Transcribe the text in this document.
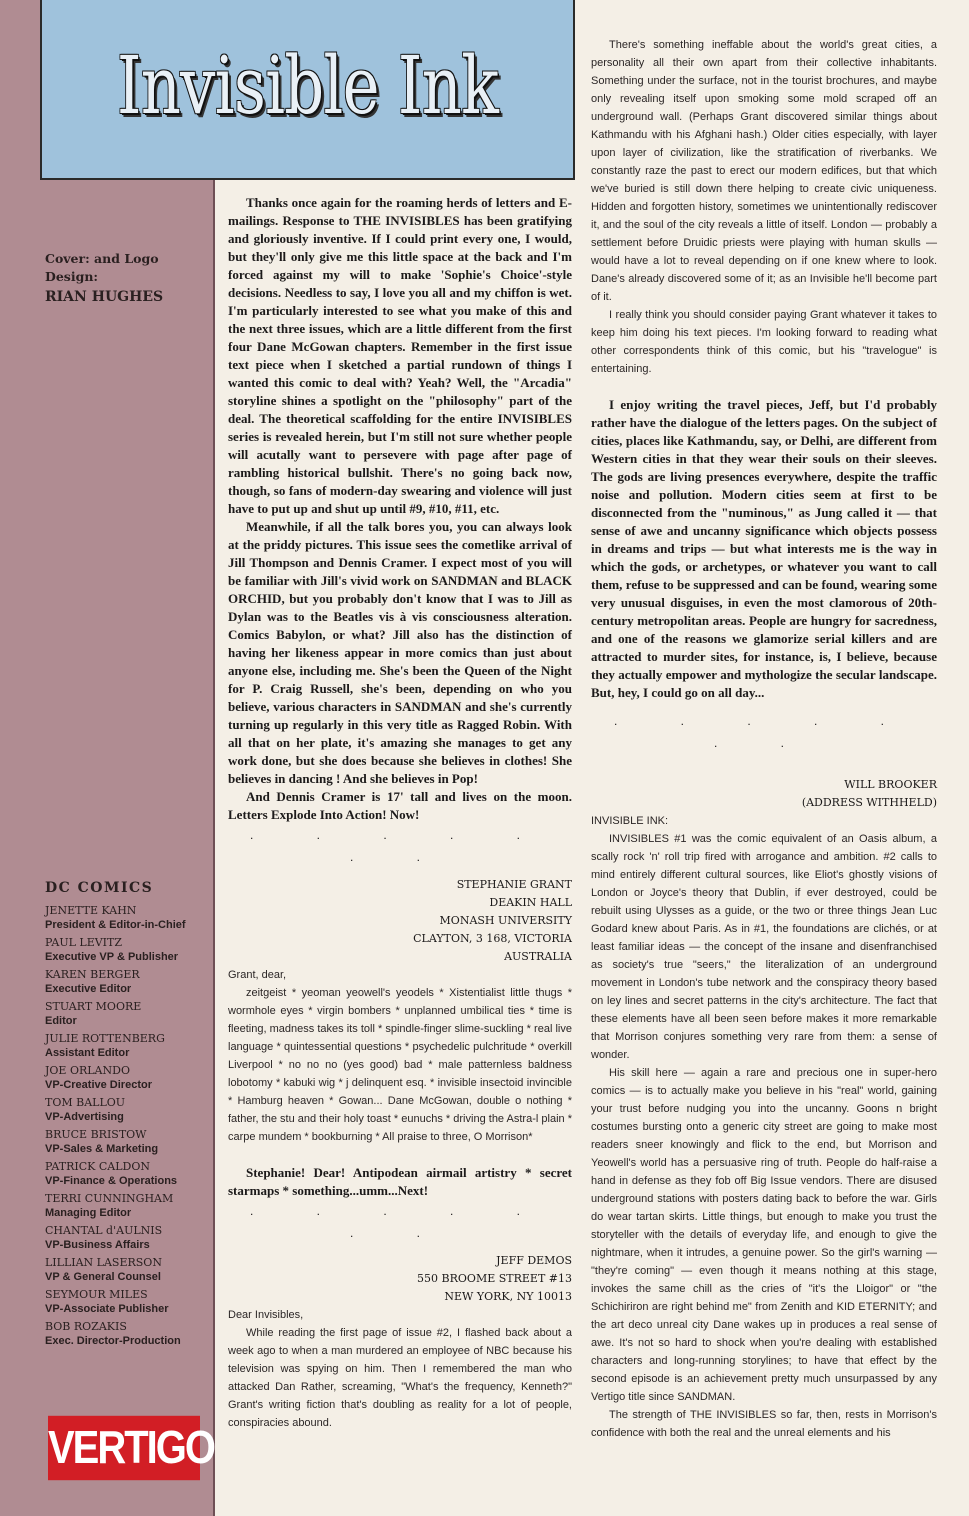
Cover: and Logo
Design:
RIAN HUGHES
DC COMICS
JENETTE KAHN
President & Editor-in-Chief
PAUL LEVITZ
Executive VP & Publisher
KAREN BERGER
Executive Editor
STUART MOORE
Editor
JULIE ROTTENBERG
Assistant Editor
JOE ORLANDO
VP-Creative Director
TOM BALLOU
VP-Advertising
BRUCE BRISTOW
VP-Sales & Marketing
PATRICK CALDON
VP-Finance & Operations
TERRI CUNNINGHAM
Managing Editor
CHANTAL d'AULNIS
VP-Business Affairs
LILLIAN LASERSON
VP & General Counsel
SEYMOUR MILES
VP-Associate Publisher
BOB ROZAKIS
Exec. Director-Production
VERTIGO
Invisible Ink

Thanks once again for the roaming herds of letters and E-mailings. Response to THE INVISIBLES has been gratifying and gloriously inventive. If I could print every one, I would, but they'll only give me this little space at the back and I'm forced against my will to make 'Sophie's Choice'-style decisions. Needless to say, I love you all and my chiffon is wet. I'm particularly interested to see what you make of this and the next three issues, which are a little different from the first four Dane McGowan chapters. Remember in the first issue text piece when I sketched a partial rundown of things I wanted this comic to deal with? Yeah? Well, the "Arcadia" storyline shines a spotlight on the "philosophy" part of the deal. The theoretical scaffolding for the entire INVISIBLES series is revealed herein, but I'm still not sure whether people will acutally want to persevere with page after page of rambling historical bullshit. There's no going back now, though, so fans of modern-day swearing and violence will just have to put up and shut up until #9, #10, #11, etc.

Meanwhile, if all the talk bores you, you can always look at the priddy pictures. This issue sees the cometlike arrival of Jill Thompson and Dennis Cramer. I expect most of you will be familiar with Jill's vivid work on SANDMAN and BLACK ORCHID, but you probably don't know that I was to Jill as Dylan was to the Beatles vis à vis consciousness alteration. Comics Babylon, or what? Jill also has the distinction of having her likeness appear in more comics than just about anyone else, including me. She's been the Queen of the Night for P. Craig Russell, she's been, depending on who you believe, various characters in SANDMAN and she's currently turning up regularly in this very title as Ragged Robin. With all that on her plate, it's amazing she manages to get any work done, but she does because she believes in clothes! She believes in dancing ! And she believes in Pop!

And Dennis Cramer is 17' tall and lives on the moon. Letters Explode Into Action! Now!

. . . . . . .
STEPHANIE GRANT
DEAKIN HALL
MONASH UNIVERSITY
CLAYTON, 3 168, VICTORIA
AUSTRALIA

Grant, dear,

zeitgeist * yeoman yeowell's yeodels * Xistentialist little thugs * wormhole eyes * virgin bombers * unplanned umbilical ties * time is fleeting, madness takes its toll * spindle-finger slime-suckling * real live language * quintessential questions * psychedelic pulchritude * overkill Liverpool * no no no (yes good) bad * male patternless baldness lobotomy * kabuki wig * j delinquent esq. * invisible insectoid invincible * Hamburg heaven * Gowan... Dane McGowan, double o nothing * father, the stu and their holy toast * eunuchs * driving the Astra-l plain * carpe mundem * bookburning * All praise to three, O Morrison*

Stephanie! Dear! Antipodean airmail artistry * secret starmaps * something...umm...Next!

. . . . . . .
JEFF DEMOS
550 BROOME STREET #13
NEW YORK, NY 10013

Dear Invisibles,

While reading the first page of issue #2, I flashed back about a week ago to when a man murdered an employee of NBC because his television was spying on him. Then I remembered the man who attacked Dan Rather, screaming, "What's the frequency, Kenneth?" Grant's writing fiction that's doubling as reality for a lot of people, conspiracies abound.

There's something ineffable about the world's great cities, a personality all their own apart from their collective inhabitants. Something under the surface, not in the tourist brochures, and maybe only revealing itself upon smoking some mold scraped off an underground wall. (Perhaps Grant discovered similar things about Kathmandu with his Afghani hash.) Older cities especially, with layer upon layer of civilization, like the stratification of riverbanks. We constantly raze the past to erect our modern edifices, but that which we've buried is still down there helping to create civic uniqueness. Hidden and forgotten history, sometimes we unintentionally rediscover it, and the soul of the city reveals a little of itself. London — probably a settlement before Druidic priests were playing with human skulls —would have a lot to reveal depending on if one knew where to look. Dane's already discovered some of it; as an Invisible he'll become part of it.

I really think you should consider paying Grant whatever it takes to keep him doing his text pieces. I'm looking forward to reading what other correspondents think of this comic, but his "travelogue" is entertaining.

I enjoy writing the travel pieces, Jeff, but I'd probably rather have the dialogue of the letters pages. On the subject of cities, places like Kathmandu, say, or Delhi, are different from Western cities in that they wear their souls on their sleeves. The gods are living presences everywhere, despite the traffic noise and pollution. Modern cities seem at first to be disconnected from the "numinous," as Jung called it — that sense of awe and uncanny significance which objects possess in dreams and trips — but what interests me is the way in which the gods, or archetypes, or whatever you want to call them, refuse to be suppressed and can be found, wearing some very unusual disguises, in even the most clamorous of 20th-century metropolitan areas. People are hungry for sacredness, and one of the reasons we glamorize serial killers and are attracted to murder sites, for instance, is, I believe, because they actually empower and mythologize the secular landscape. But, hey, I could go on all day...

. . . . . . .
WILL BROOKER
(ADDRESS WITHHELD)

INVISIBLE INK:

INVISIBLES #1 was the comic equivalent of an Oasis album, a scally rock 'n' roll trip fired with arrogance and ambition. #2 calls to mind entirely different cultural sources, like Eliot's ghostly visions of London or Joyce's theory that Dublin, if ever destroyed, could be rebuilt using Ulysses as a guide, or the two or three things Jean Luc Godard knew about Paris. As in #1, the foundations are clichés, or at least familiar ideas — the concept of the insane and disenfranchised as society's true "seers," the literalization of an underground movement in London's tube network and the conspiracy theory based on ley lines and secret patterns in the city's architecture. The fact that these elements have all been seen before makes it more remarkable that Morrison conjures something very rare from them: a sense of wonder.

His skill here — again a rare and precious one in super-hero comics — is to actually make you believe in his "real" world, gaining your trust before nudging you into the uncanny. Goons n bright costumes bursting onto a generic city street are going to make most readers sneer knowingly and flick to the end, but Morrison and Yeowell's world has a persuasive ring of truth. People do half-raise a hand in defense as they fob off Big Issue vendors. There are disused underground stations with posters dating back to before the war. Girls do wear tartan skirts. Little things, but enough to make you trust the storyteller with the details of everyday life, and enough to give the nightmare, when it intrudes, a genuine power. So the girl's warning — "they're coming" — even though it means nothing at this stage, invokes the same chill as the cries of "it's the Lloigor" or "the Schichiriron are right behind me" from Zenith and KID ETERNITY; and the art deco unreal city Dane wakes up in produces a real sense of awe. It's not so hard to shock when you're dealing with established characters and long-running storylines; to have that effect by the second episode is an achievement pretty much unsurpassed by any Vertigo title since SANDMAN.

The strength of THE INVISIBLES so far, then, rests in Morrison's confidence with both the real and the unreal elements and his
